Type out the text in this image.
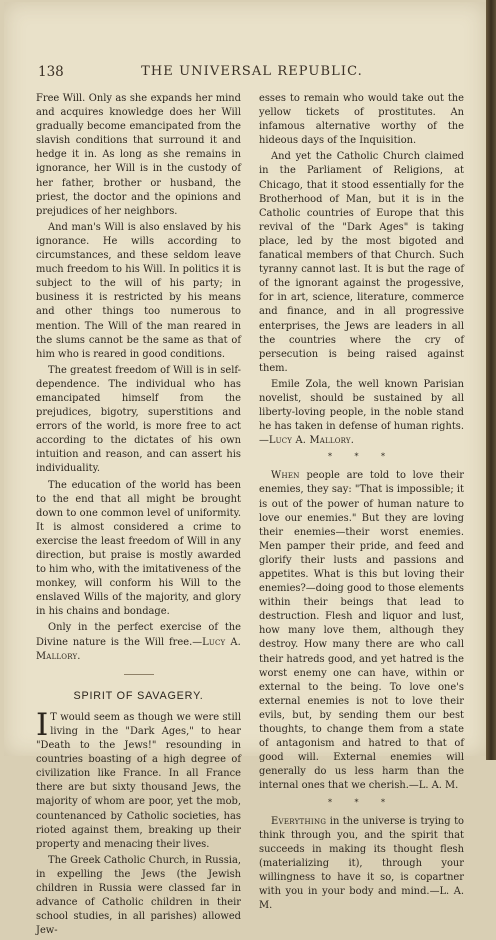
138	THE UNIVERSAL REPUBLIC.

Free Will. Only as she expands her mind and acquires knowledge does her Will gradually become emancipated from the slavish conditions that surround it and hedge it in. As long as she remains in ignorance, her Will is in the custody of her father, brother or husband, the priest, the doctor and the opinions and prejudices of her neighbors.

And man's Will is also enslaved by his ignorance. He wills according to circumstances, and these seldom leave much freedom to his Will. In politics it is subject to the will of his party; in business it is restricted by his means and other things too numerous to mention. The Will of the man reared in the slums cannot be the same as that of him who is reared in good conditions.

The greatest freedom of Will is in self-dependence. The individual who has emancipated himself from the prejudices, bigotry, superstitions and errors of the world, is more free to act according to the dictates of his own intuition and reason, and can assert his individuality.

The education of the world has been to the end that all might be brought down to one common level of uniformity. It is almost considered a crime to exercise the least freedom of Will in any direction, but praise is mostly awarded to him who, with the imitativeness of the monkey, will conform his Will to the enslaved Wills of the majority, and glory in his chains and bondage.

Only in the perfect exercise of the Divine nature is the Will free.—Lucy A. Mallory.

SPIRIT OF SAVAGERY.

I T would seem as though we were still living in the "Dark Ages," to hear "Death to the Jews!" resounding in countries boasting of a high degree of civilization like France. In all France there are but sixty thousand Jews, the majority of whom are poor, yet the mob, countenanced by Catholic societies, has rioted against them, breaking up their property and menacing their lives.

The Greek Catholic Church, in Russia, in expelling the Jews (the Jewish children in Russia were classed far in advance of Catholic children in their school studies, in all parishes) allowed Jew-

esses to remain who would take out the yellow tickets of prostitutes. An infamous alternative worthy of the hideous days of the Inquisition.

And yet the Catholic Church claimed in the Parliament of Religions, at Chicago, that it stood essentially for the Brotherhood of Man, but it is in the Catholic countries of Europe that this revival of the "Dark Ages" is taking place, led by the most bigoted and fanatical members of that Church. Such tyranny cannot last. It is but the rage of of the ignorant against the progessive, for in art, science, literature, commerce and finance, and in all progressive enterprises, the Jews are leaders in all the countries where the cry of persecution is being raised against them.

Emile Zola, the well known Parisian novelist, should be sustained by all liberty-loving people, in the noble stand he has taken in defense of human rights.—Lucy A. Mallory.

* * *

When people are told to love their enemies, they say: "That is impossible; it is out of the power of human nature to love our enemies." But they are loving their enemies—their worst enemies. Men pamper their pride, and feed and glorify their lusts and passions and appetites. What is this but loving their enemies?—doing good to those elements within their beings that lead to destruction. Flesh and liquor and lust, how many love them, although they destroy. How many there are who call their hatreds good, and yet hatred is the worst enemy one can have, within or external to the being. To love one's external enemies is not to love their evils, but, by sending them our best thoughts, to change them from a state of antagonism and hatred to that of good will. External enemies will generally do us less harm than the internal ones that we cherish.—L. A. M.

* * *

Everything in the universe is trying to think through you, and the spirit that succeeds in making its thought flesh (materializing it), through your willingness to have it so, is copartner with you in your body and mind.—L. A. M.
